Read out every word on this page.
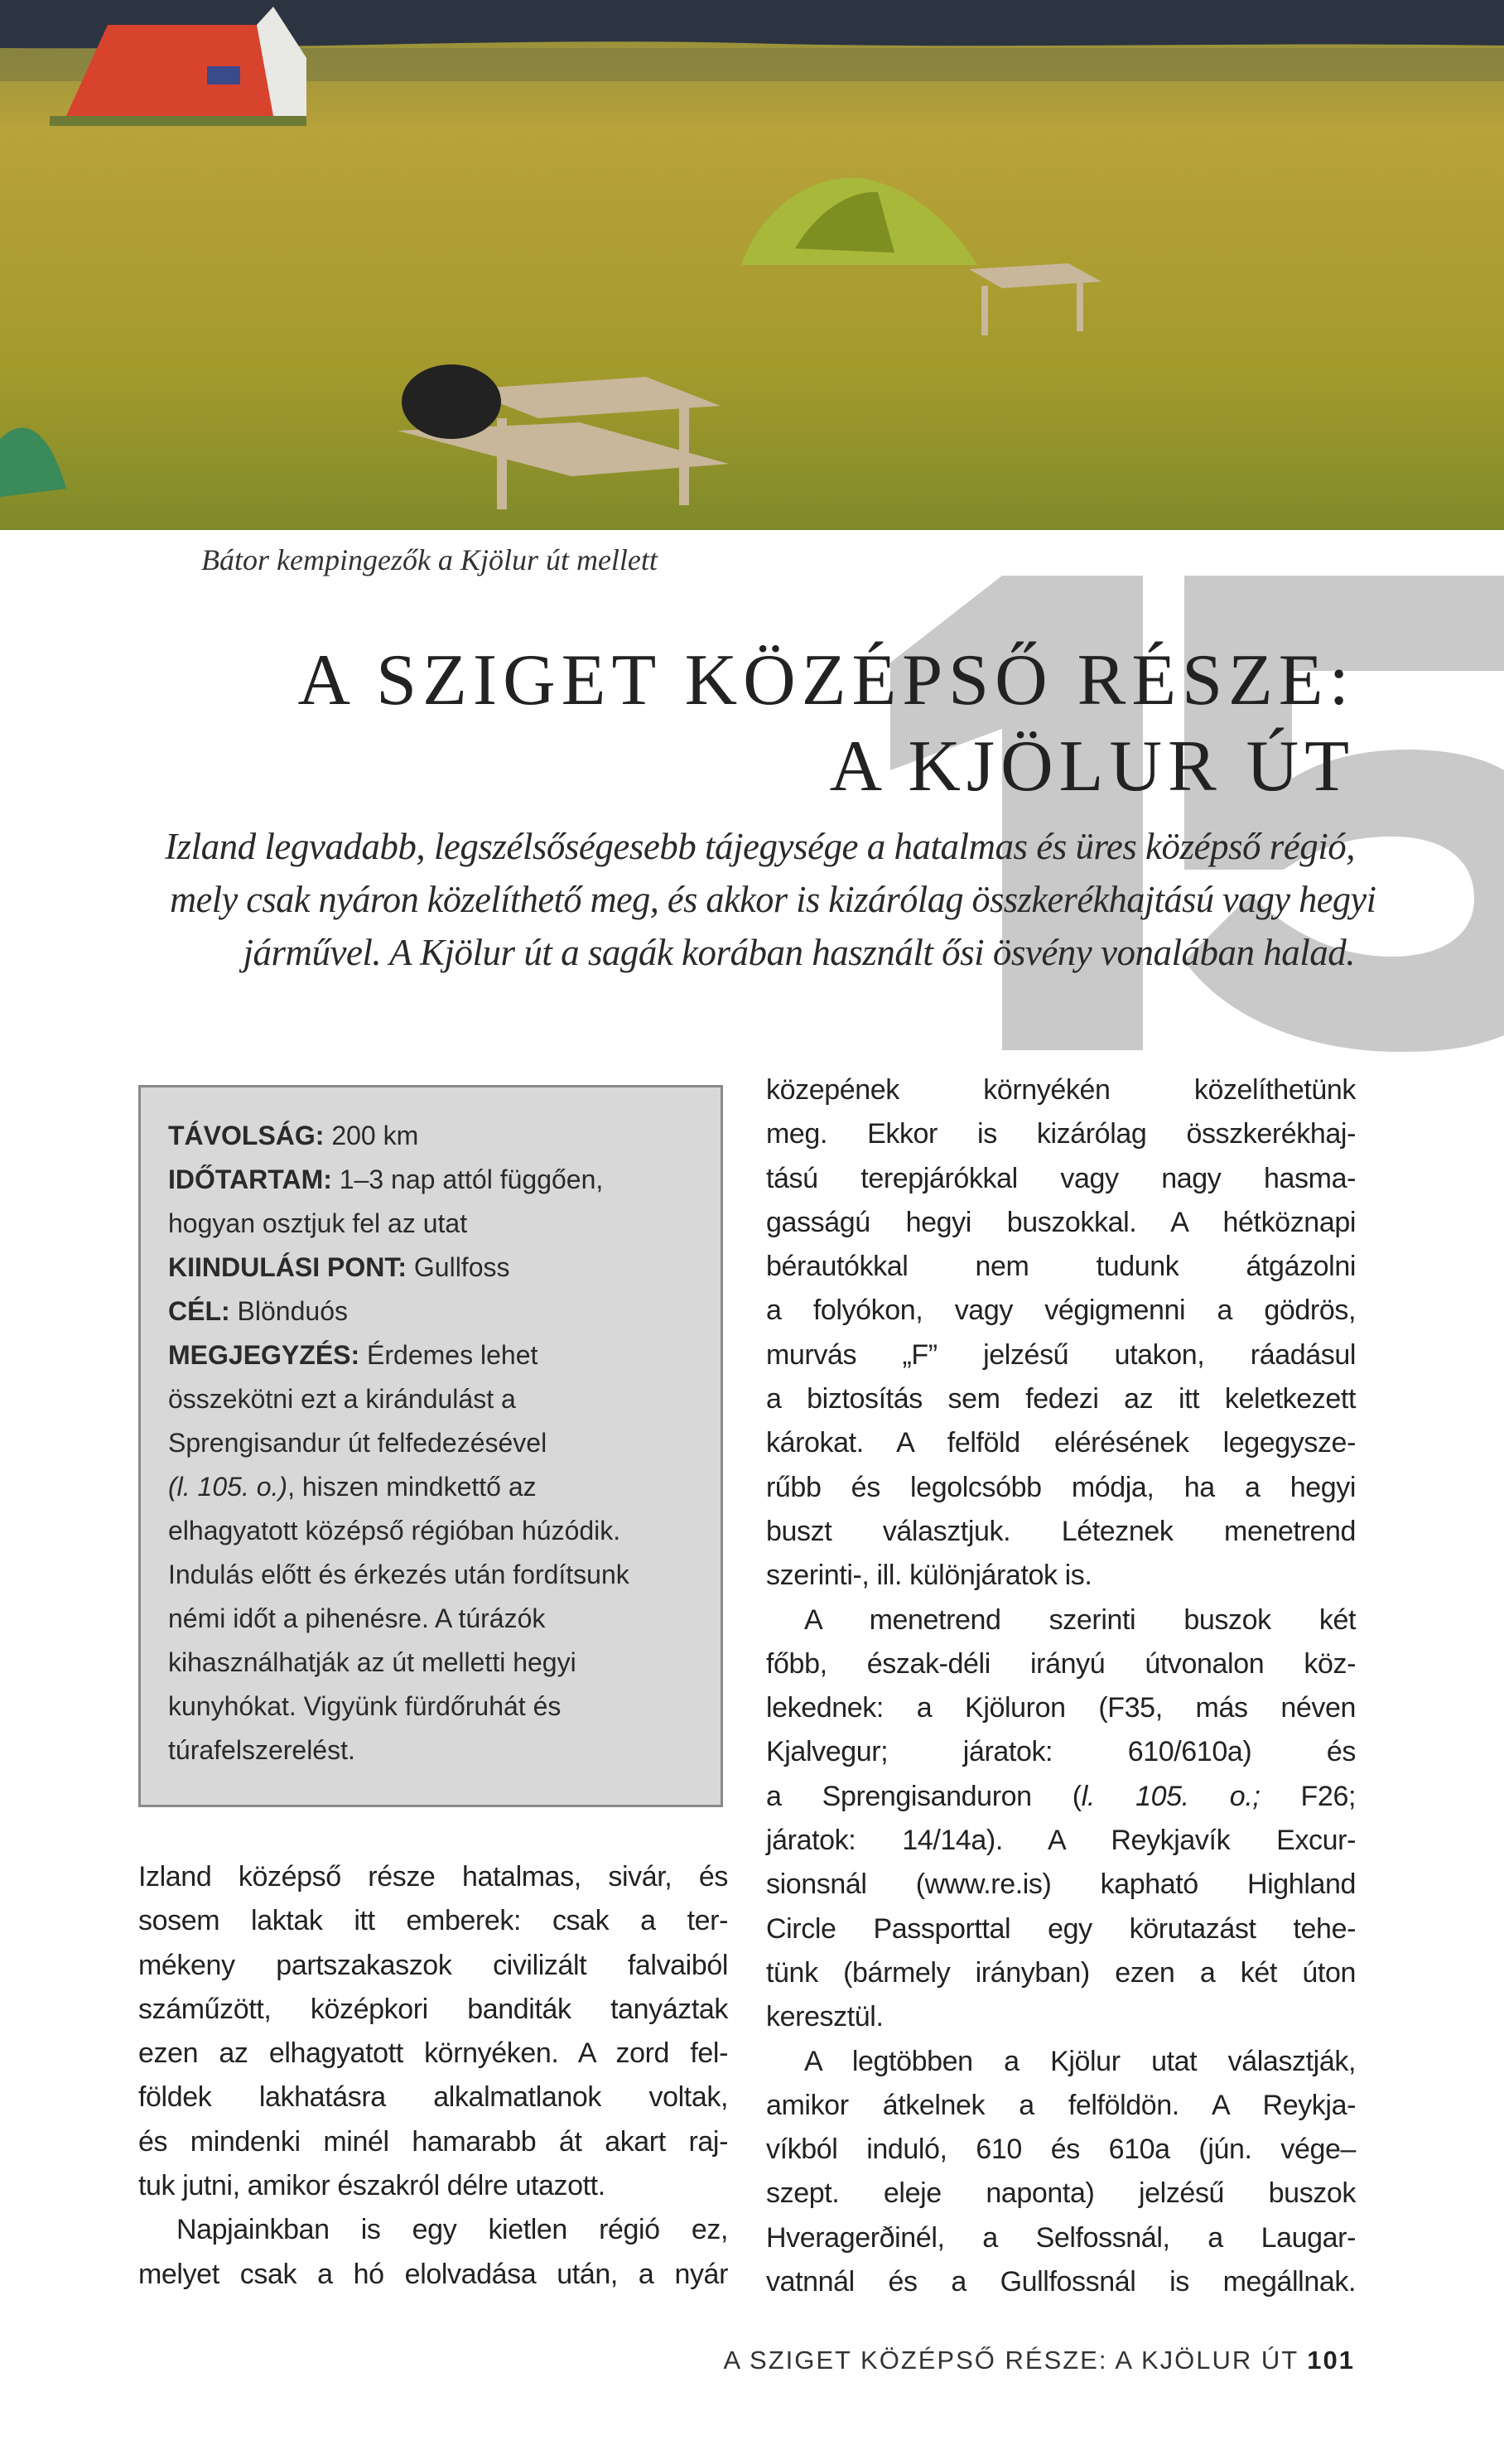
Bátor kempingezők a Kjölur út mellett
A SZIGET KÖZÉPSŐ RÉSZE:
A KJÖLUR ÚT
Izland legvadabb, legszélsőségesebb tájegysége a hatalmas és üres középső régió,
mely csak nyáron közelíthető meg, és akkor is kizárólag összkerékhajtású vagy hegyi
járművel. A Kjölur út a sagák korában használt ősi ösvény vonalában halad.
TÁVOLSÁG: 200 km
IDŐTARTAM: 1–3 nap attól függően,
hogyan osztjuk fel az utat
KIINDULÁSI PONT: Gullfoss
CÉL: Blönduós
MEGJEGYZÉS: Érdemes lehet
összekötni ezt a kirándulást a
Sprengisandur út felfedezésével
(l. 105. o.), hiszen mindkettő az
elhagyatott középső régióban húzódik.
Indulás előtt és érkezés után fordítsunk
némi időt a pihenésre. A túrázók
kihasználhatják az út melletti hegyi
kunyhókat. Vigyünk fürdőruhát és
túrafelszerelést.
Izland középső része hatalmas, sivár, és
sosem laktak itt emberek: csak a ter-
mékeny partszakaszok civilizált falvaiból
száműzött, középkori banditák tanyáztak
ezen az elhagyatott környéken. A zord fel-
földek lakhatásra alkalmatlanok voltak,
és mindenki minél hamarabb át akart raj-
tuk jutni, amikor északról délre utazott.
Napjainkban is egy kietlen régió ez,
melyet csak a hó elolvadása után, a nyár
közepének környékén közelíthetünk
meg. Ekkor is kizárólag összkerékhaj-
tású terepjárókkal vagy nagy hasma-
gasságú hegyi buszokkal. A hétköznapi
bérautókkal nem tudunk átgázolni
a folyókon, vagy végigmenni a gödrös,
murvás „F” jelzésű utakon, ráadásul
a biztosítás sem fedezi az itt keletkezett
károkat. A felföld elérésének legegysze-
rűbb és legolcsóbb módja, ha a hegyi
buszt választjuk. Léteznek menetrend
szerinti-, ill. különjáratok is.
A menetrend szerinti buszok két
főbb, észak-déli irányú útvonalon köz-
lekednek: a Kjöluron (F35, más néven
Kjalvegur; járatok: 610/610a) és
a Sprengisanduron (l. 105. o.; F26;
járatok: 14/14a). A Reykjavík Excur-
sionsnál (www.re.is) kapható Highland
Circle Passporttal egy körutazást tehe-
tünk (bármely irányban) ezen a két úton
keresztül.
A legtöbben a Kjölur utat választják,
amikor átkelnek a felföldön. A Reykja-
víkból induló, 610 és 610a (jún. vége–
szept. eleje naponta) jelzésű buszok
Hveragerðinél, a Selfossnál, a Laugar-
vatnnál és a Gullfossnál is megállnak.
A SZIGET KÖZÉPSŐ RÉSZE: A KJÖLUR ÚT 101
